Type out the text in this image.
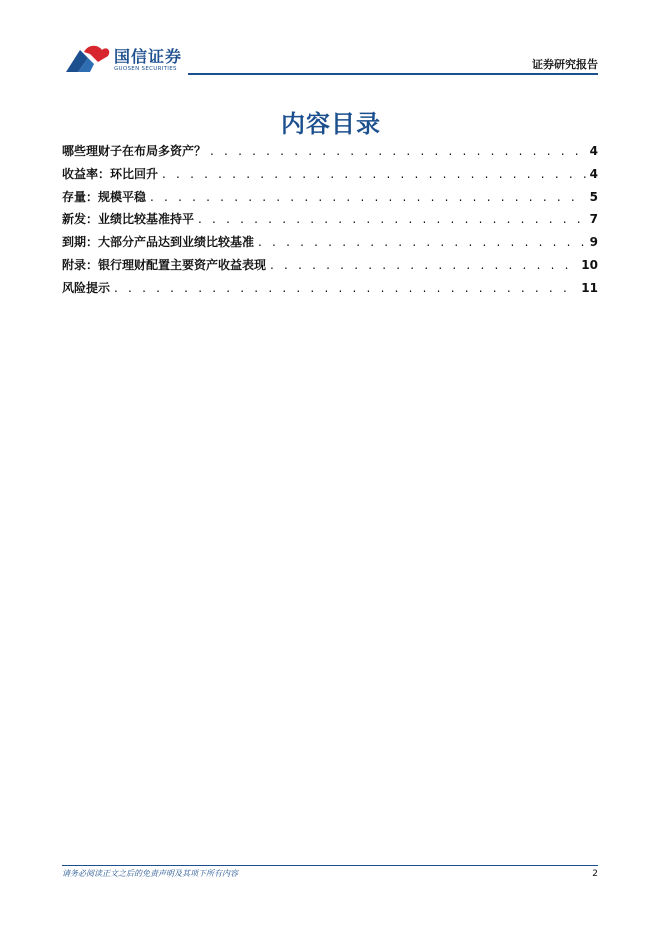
国信证券
GUOSEN SECURITIES	证券研究报告
内容目录
哪些理财子在布局多资产？ . . .	4
收益率：环比回升 . . .	4
存量：规模平稳 . . .	5
新发：业绩比较基准持平 . . .	7
到期：大部分产品达到业绩比较基准 . . .	9
附录：银行理财配置主要资产收益表现 . . .	10
风险提示 . . .	11
请务必阅读正文之后的免责声明及其项下所有内容	2
